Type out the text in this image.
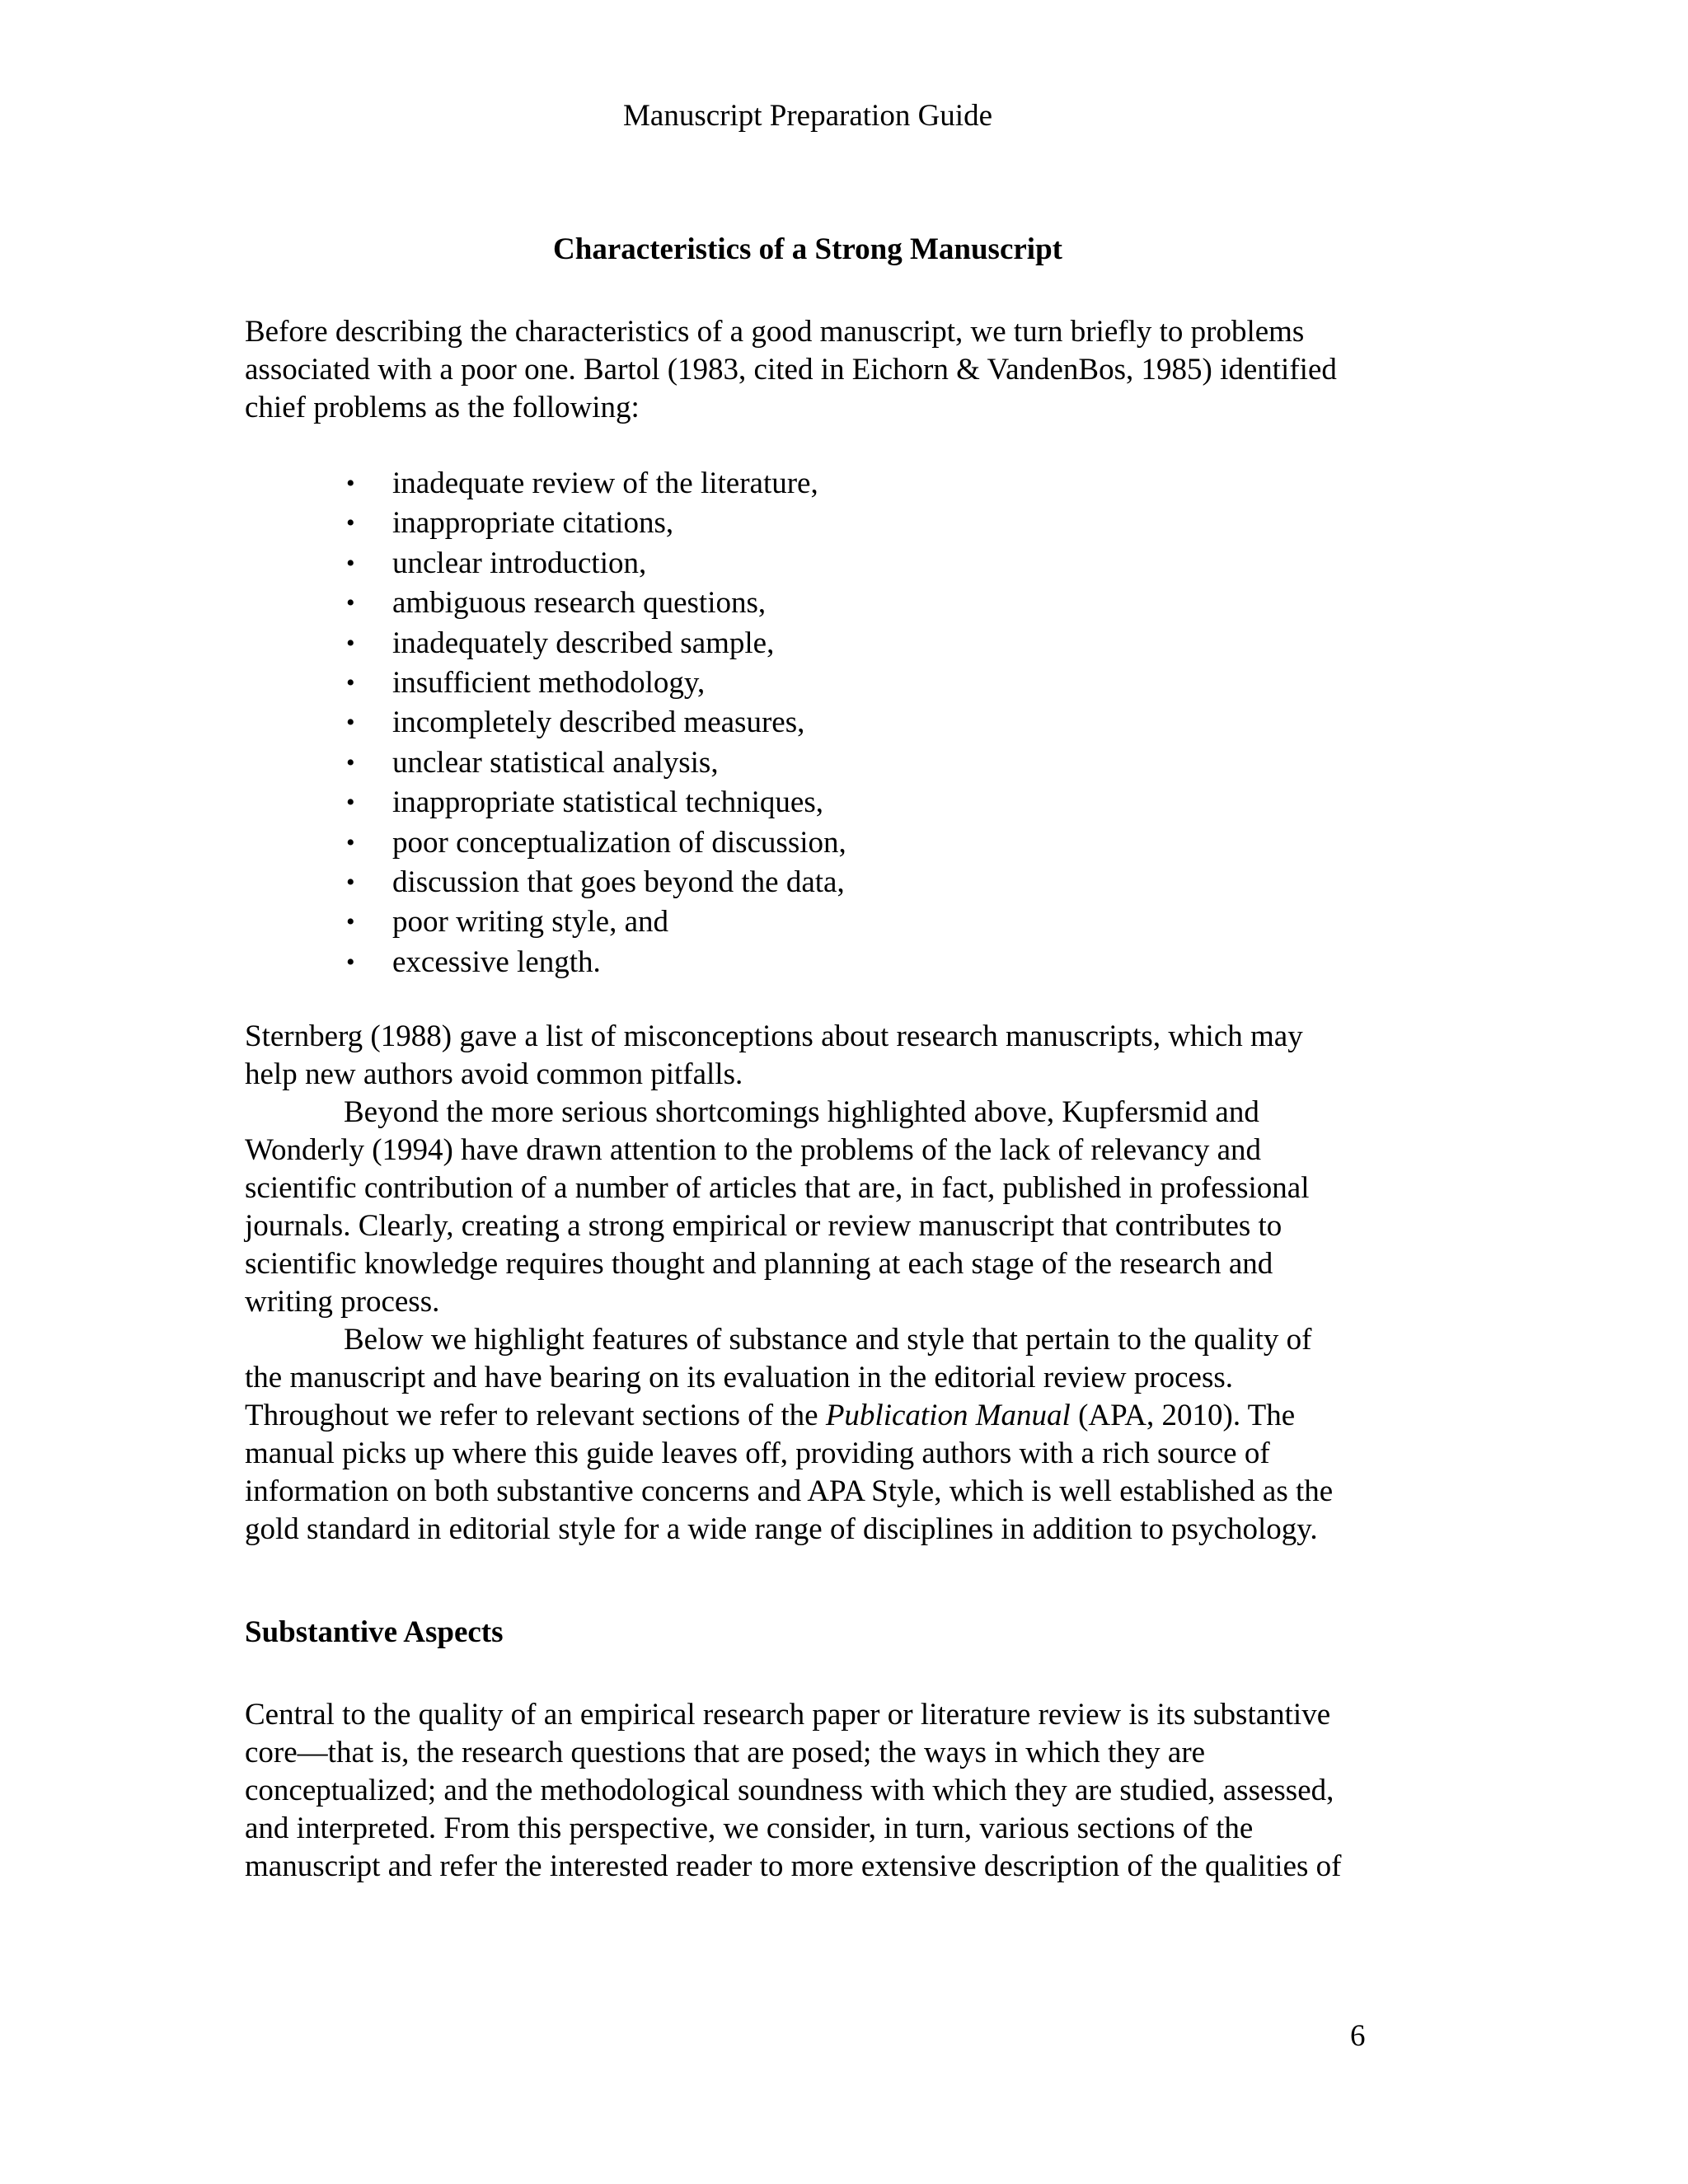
Manuscript Preparation Guide
Characteristics of a Strong Manuscript

Before describing the characteristics of a good manuscript, we turn briefly to problems
associated with a poor one. Bartol (1983, cited in Eichorn & VandenBos, 1985) identified
chief problems as the following:

• inadequate review of the literature,
• inappropriate citations,
• unclear introduction,
• ambiguous research questions,
• inadequately described sample,
• insufficient methodology,
• incompletely described measures,
• unclear statistical analysis,
• inappropriate statistical techniques,
• poor conceptualization of discussion,
• discussion that goes beyond the data,
• poor writing style, and
• excessive length.

Sternberg (1988) gave a list of misconceptions about research manuscripts, which may
help new authors avoid common pitfalls.
Beyond the more serious shortcomings highlighted above, Kupfersmid and
Wonderly (1994) have drawn attention to the problems of the lack of relevancy and
scientific contribution of a number of articles that are, in fact, published in professional
journals. Clearly, creating a strong empirical or review manuscript that contributes to
scientific knowledge requires thought and planning at each stage of the research and
writing process.
Below we highlight features of substance and style that pertain to the quality of
the manuscript and have bearing on its evaluation in the editorial review process.
Throughout we refer to relevant sections of the Publication Manual (APA, 2010). The
manual picks up where this guide leaves off, providing authors with a rich source of
information on both substantive concerns and APA Style, which is well established as the
gold standard in editorial style for a wide range of disciplines in addition to psychology.

Substantive Aspects

Central to the quality of an empirical research paper or literature review is its substantive
core—that is, the research questions that are posed; the ways in which they are
conceptualized; and the methodological soundness with which they are studied, assessed,
and interpreted. From this perspective, we consider, in turn, various sections of the
manuscript and refer the interested reader to more extensive description of the qualities of

6
